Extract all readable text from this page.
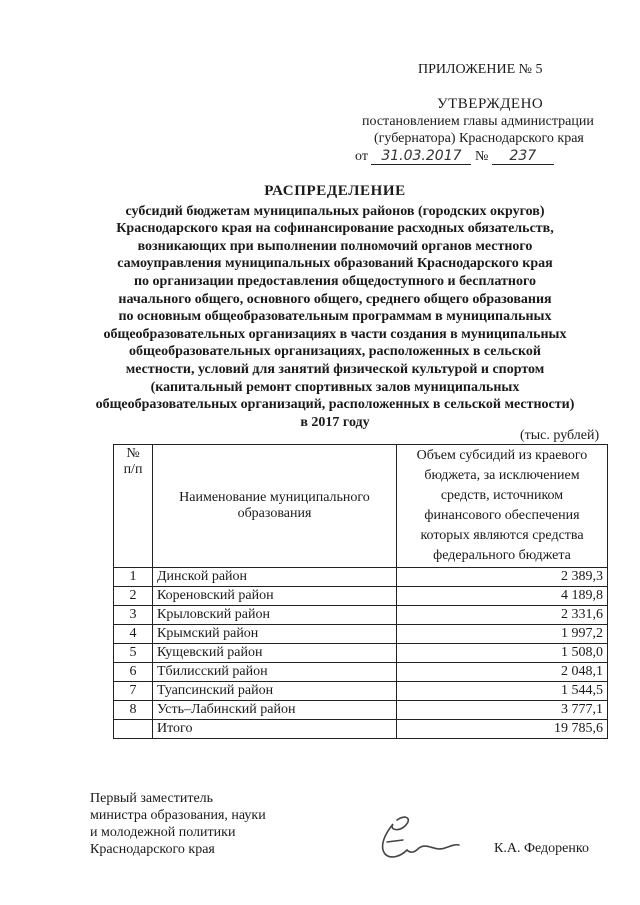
ПРИЛОЖЕНИЕ № 5
УТВЕРЖДЕНО
постановлением главы администрации
(губернатора) Краснодарского края
от 31.03.2017 № 237
РАСПРЕДЕЛЕНИЕ
субсидий бюджетам муниципальных районов (городских округов)
Краснодарского края на софинансирование расходных обязательств,
возникающих при выполнении полномочий органов местного
самоуправления муниципальных образований Краснодарского края
по организации предоставления общедоступного и бесплатного
начального общего, основного общего, среднего общего образования
по основным общеобразовательным программам в муниципальных
общеобразовательных организациях в части создания в муниципальных
общеобразовательных организациях, расположенных в сельской
местности, условий для занятий физической культурой и спортом
(капитальный ремонт спортивных залов муниципальных
общеобразовательных организаций, расположенных в сельской местности)
в 2017 году
(тыс. рублей)
№
п/п	Наименование муниципального образования	Объем субсидий из краевого бюджета, за исключением средств, источником финансового обеспечения которых являются средства федерального бюджета
1	Динской район	2 389,3
2	Кореновский район	4 189,8
3	Крыловский район	2 331,6
4	Крымский район	1 997,2
5	Кущевский район	1 508,0
6	Тбилисский район	2 048,1
7	Туапсинский район	1 544,5
8	Усть–Лабинский район	3 777,1
	Итого	19 785,6
Первый заместитель
министра образования, науки
и молодежной политики
Краснодарского края	К.А. Федоренко
